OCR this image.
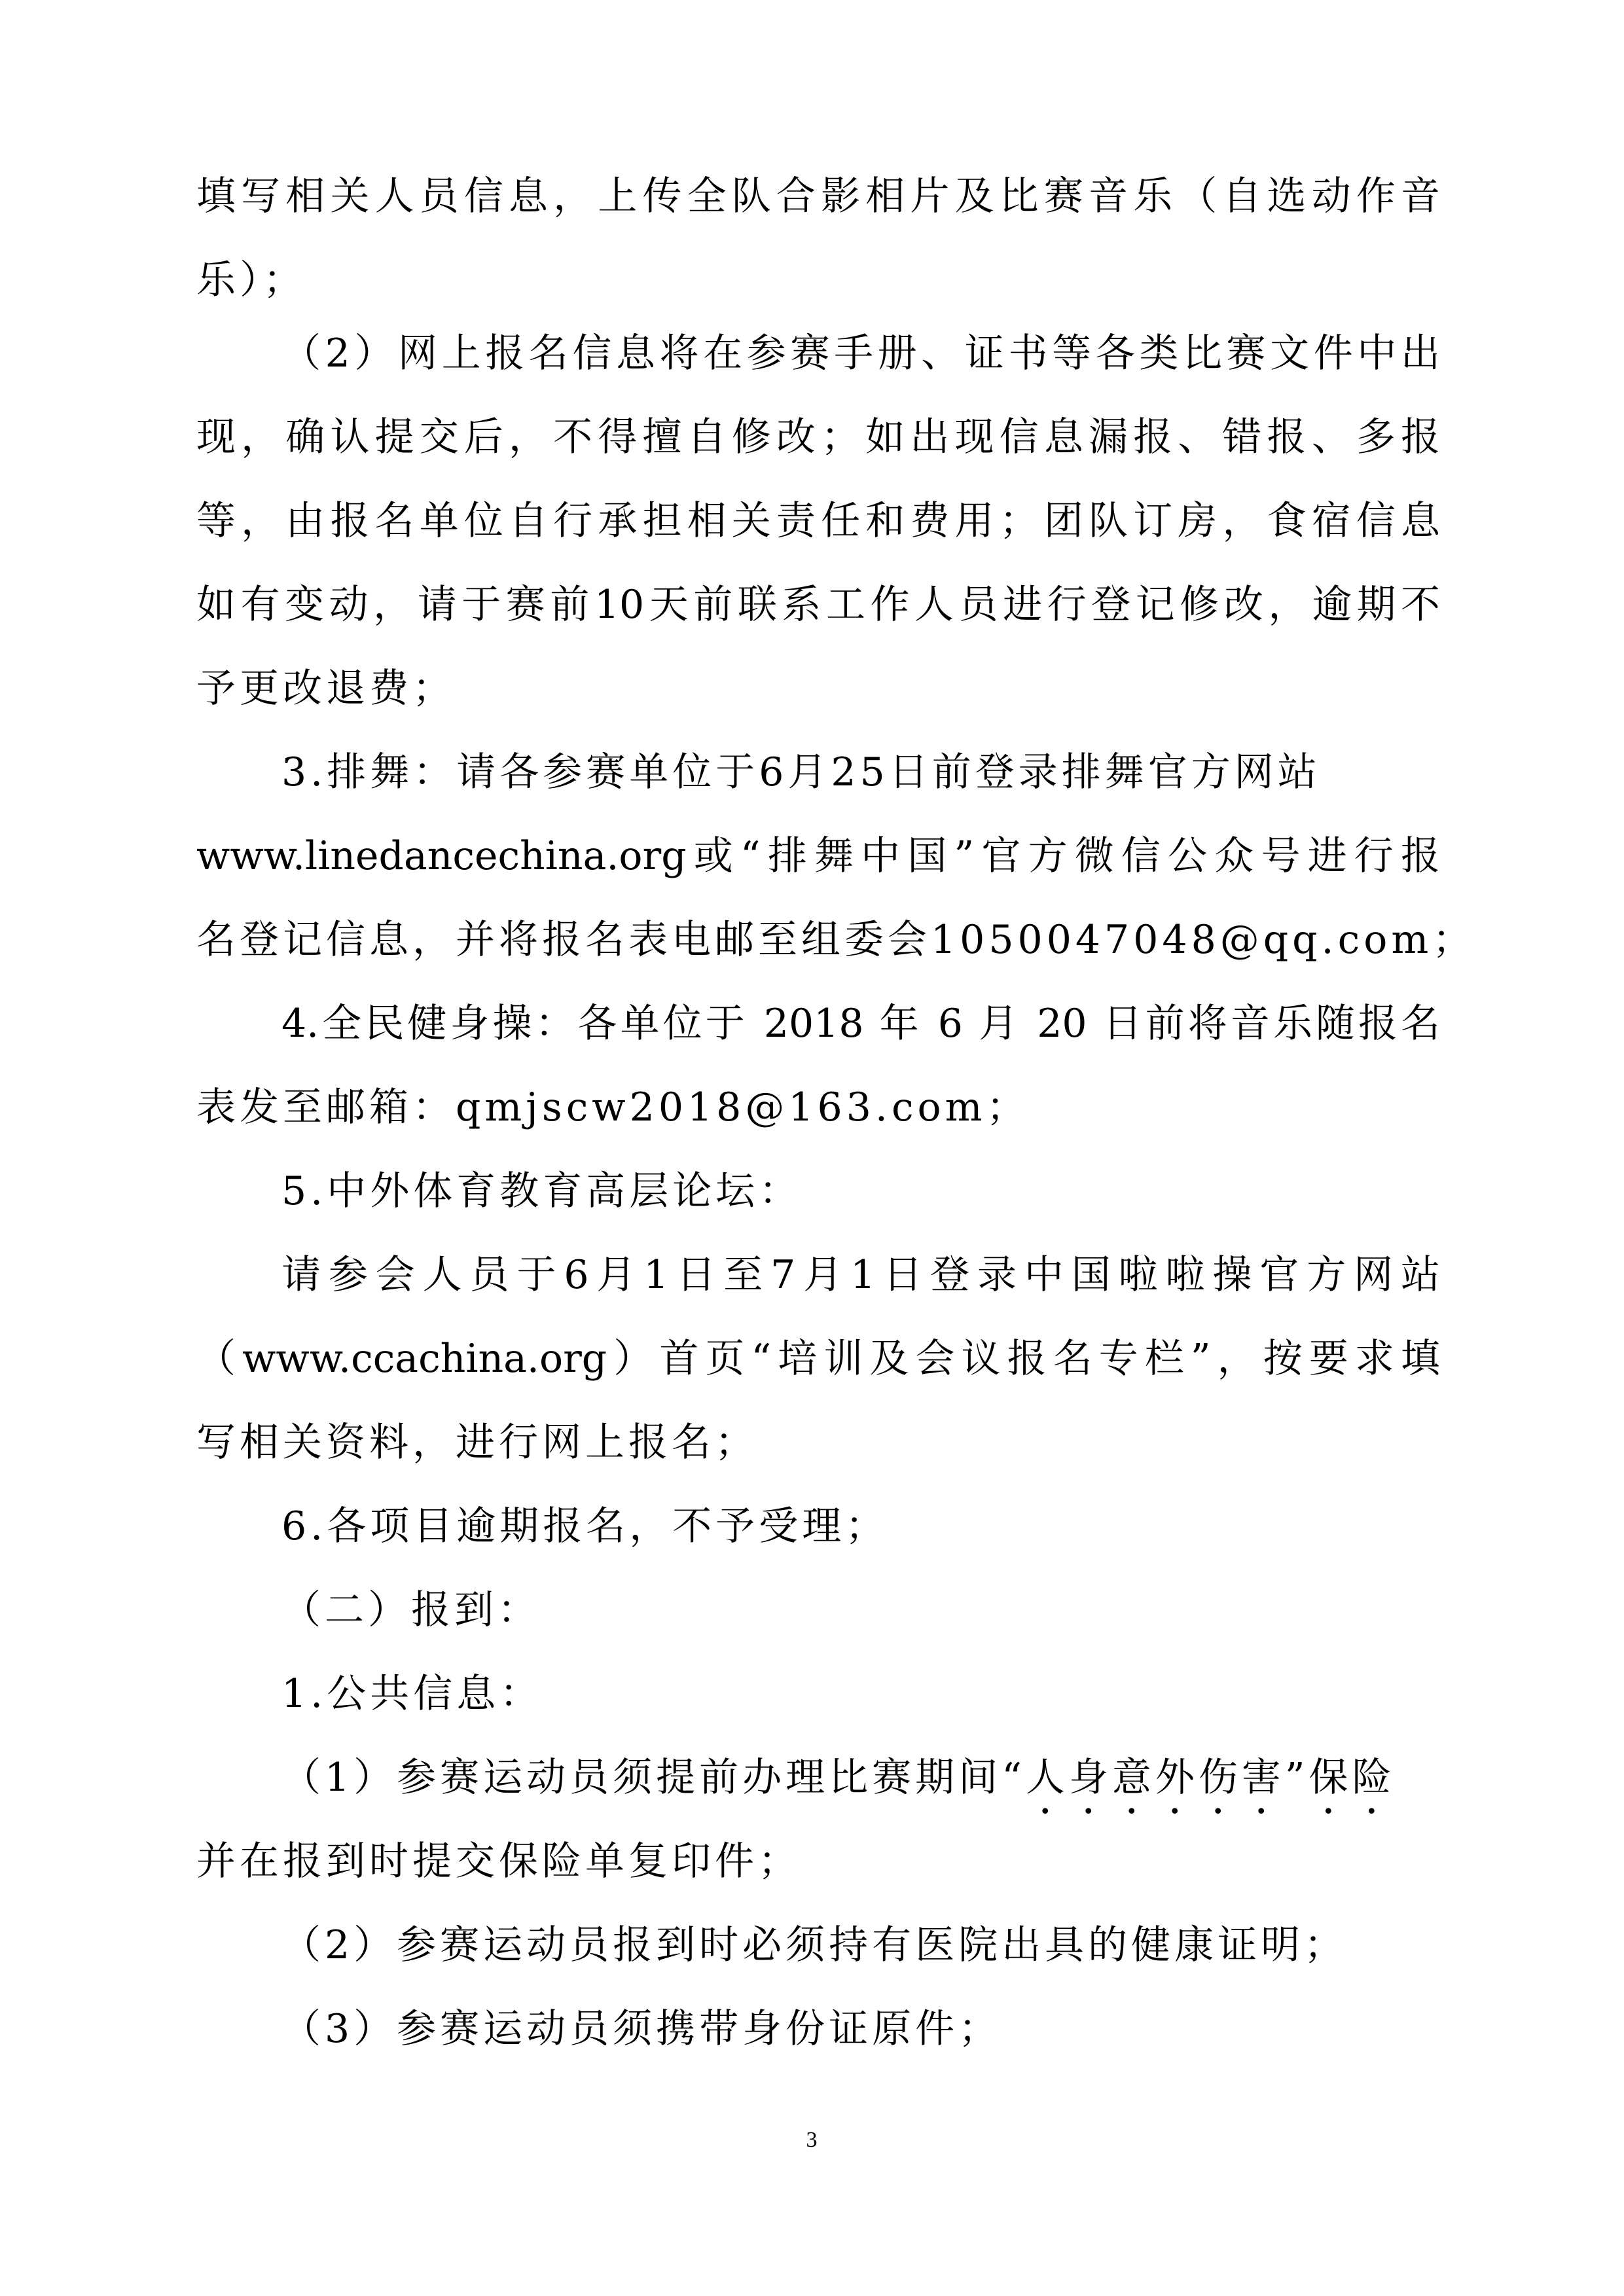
填写相关人员信息，上传全队合影相片及比赛音乐（自选动作音
乐）；
（2）网上报名信息将在参赛手册、证书等各类比赛文件中出
现，确认提交后，不得擅自修改；如出现信息漏报、错报、多报
等，由报名单位自行承担相关责任和费用；团队订房，食宿信息
如有变动，请于赛前10天前联系工作人员进行登记修改，逾期不
予更改退费；
3.排舞：请各参赛单位于6月25日前登录排舞官方网站
www.linedancechina.org或“排舞中国”官方微信公众号进行报
名登记信息，并将报名表电邮至组委会1050047048@qq.com；
4.全民健身操：各单位于 2018 年 6 月 20 日前将音乐随报名
表发至邮箱：qmjscw2018@163.com；
5.中外体育教育高层论坛：
请参会人员于6月1日至7月1日登录中国啦啦操官方网站
（www.ccachina.org）首页“培训及会议报名专栏”，按要求填
写相关资料，进行网上报名；
6.各项目逾期报名，不予受理；
（二）报到：
1.公共信息：
（1）参赛运动员须提前办理比赛期间“人身意外伤害”保险
并在报到时提交保险单复印件；
（2）参赛运动员报到时必须持有医院出具的健康证明；
（3）参赛运动员须携带身份证原件；
3
